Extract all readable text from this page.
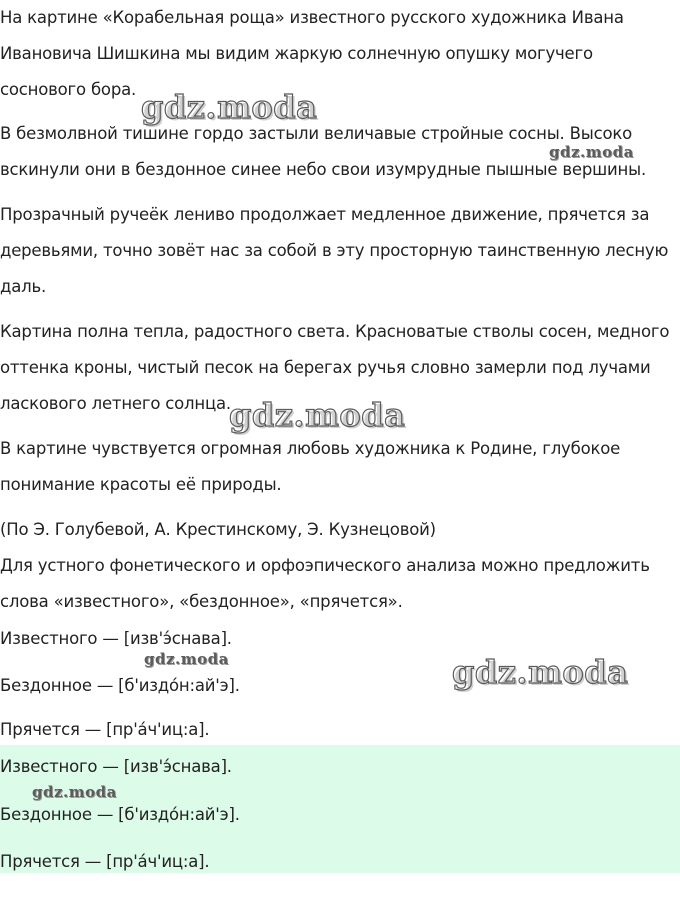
На картине «Корабельная роща» известного русского художника Ивана Ивановича Шишкина мы видим жаркую солнечную опушку могучего соснового бора.

В безмолвной тишине гордо застыли величавые стройные сосны. Высоко вскинули они в бездонное синее небо свои изумрудные пышные вершины.

Прозрачный ручеёк лениво продолжает медленное движение, прячется за деревьями, точно зовёт нас за собой в эту просторную таинственную лесную даль.

Картина полна тепла, радостного света. Красноватые стволы сосен, медного оттенка кроны, чистый песок на берегах ручья словно замерли под лучами ласкового летнего солнца.

В картине чувствуется огромная любовь художника к Родине, глубокое понимание красоты её природы.

(По Э. Голубевой, А. Крестинскому, Э. Кузнецовой)

Для устного фонетического и орфоэпического анализа можно предложить слова «известного», «бездонное», «прячется».

Известного — [изв'э́снава].

Бездонное — [б'издо́н:ай'э].

Прячется — [пр'а́ч'иц:а].

Известного — [изв'э́снава].

Бездонное — [б'издо́н:ай'э].

Прячется — [пр'а́ч'иц:а].

gdz.moda
gdz.moda
gdz.moda
gdz.moda	gdz.moda
gdz.moda
